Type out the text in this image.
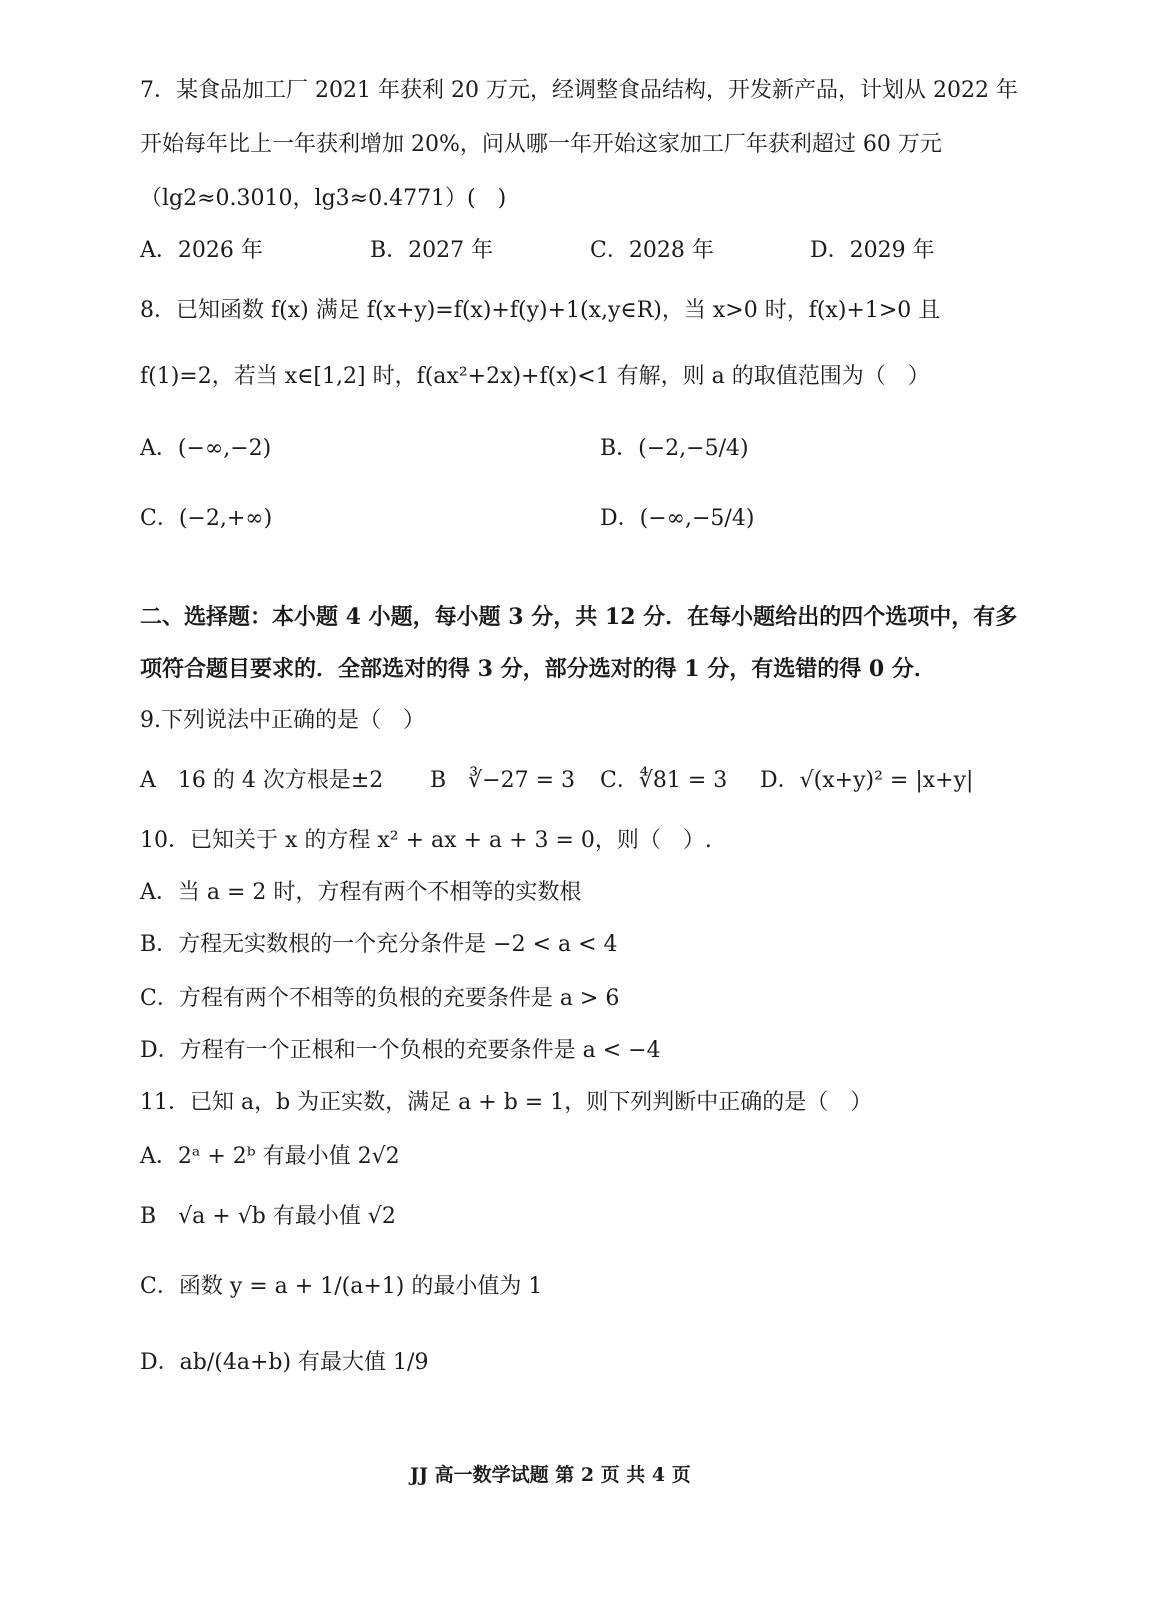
7．某食品加工厂 2021 年获利 20 万元，经调整食品结构，开发新产品，计划从 2022 年
开始每年比上一年获利增加 20%，问从哪一年开始这家加工厂年获利超过 60 万元
（lg2≈0.3010，lg3≈0.4771）(　)
A．2026 年	B．2027 年	C．2028 年	D．2029 年
8．已知函数 f(x) 满足 f(x+y)=f(x)+f(y)+1(x,y∈R)，当 x>0 时，f(x)+1>0 且
f(1)=2，若当 x∈[1,2] 时，f(ax²+2x)+f(x)<1 有解，则 a 的取值范围为（　）
A．(−∞,−2)	B．(−2,−5/4)
C．(−2,+∞)	D．(−∞,−5/4)
二、选择题：本小题 4 小题，每小题 3 分，共 12 分．在每小题给出的四个选项中，有多
项符合题目要求的．全部选对的得 3 分，部分选对的得 1 分，有选错的得 0 分．
9.下列说法中正确的是（　）
A　16 的 4 次方根是±2 B　∛−27 = 3 C．∜81 = 3 D．√(x+y)² = |x+y|
10．已知关于 x 的方程 x² + ax + a + 3 = 0，则（　）.
A．当 a = 2 时，方程有两个不相等的实数根
B．方程无实数根的一个充分条件是 −2 < a < 4
C．方程有两个不相等的负根的充要条件是 a > 6
D．方程有一个正根和一个负根的充要条件是 a < −4
11．已知 a，b 为正实数，满足 a + b = 1，则下列判断中正确的是（　）
A．2ᵃ + 2ᵇ 有最小值 2√2
B　√a + √b 有最小值 √2
C．函数 y = a + 1/(a+1) 的最小值为 1
D．ab/(4a+b) 有最大值 1/9
JJ 高一数学试题 第 2 页 共 4 页
